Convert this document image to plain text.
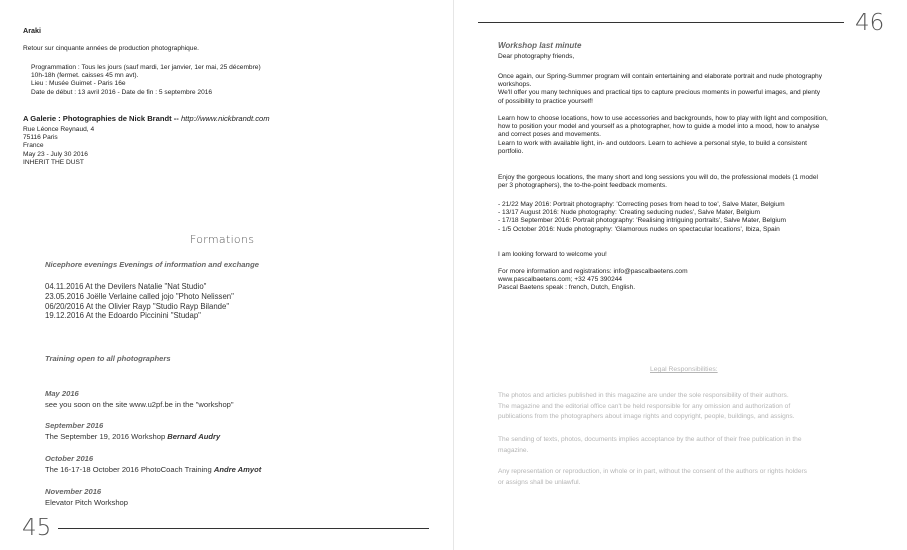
Araki
Retour sur cinquante années de production photographique.
Programmation : Tous les jours (sauf mardi, 1er janvier, 1er mai, 25 décembre)
10h-18h (fermet. caisses 45 mn avt).
Lieu : Musée Guimet - Paris 16e
Date de début : 13 avril 2016 - Date de fin : 5 septembre 2016
A Galerie : Photographies de Nick Brandt -- http://www.nickbrandt.com
Rue Léonce Reynaud, 4
75116 Paris
France
May 23 - July 30 2016
INHERIT THE DUST
Formations
Nicephore evenings Evenings of information and exchange
04.11.2016 At the Devilers Natalie "Nat Studio"
23.05.2016 Joëlle Verlaine called jojo "Photo Nelissen"
06/20/2016 At the Olivier Rayp "Studio Rayp Bilande"
19.12.2016 At the Edoardo Piccinini "Studap"
Training open to all photographers
May 2016
see you soon on the site www.u2pf.be in the "workshop"
September 2016
The September 19, 2016 Workshop Bernard Audry
October 2016
The 16-17-18 October 2016 PhotoCoach Training Andre Amyot
November 2016
Elevator Pitch Workshop
45
46
Workshop last minute
Dear photography friends,
Once again, our Spring-Summer program will contain entertaining and elaborate portrait and nude photography
workshops.
We'll offer you many techniques and practical tips to capture precious moments in powerful images, and plenty
of possibility to practice yourself!
Learn how to choose locations, how to use accessories and backgrounds, how to play with light and composition,
how to position your model and yourself as a photographer, how to guide a model into a mood, how to analyse
and correct poses and movements.
Learn to work with available light, in- and outdoors. Learn to achieve a personal style, to build a consistent
portfolio.
Enjoy the gorgeous locations, the many short and long sessions you will do, the professional models (1 model
per 3 photographers), the to-the-point feedback moments.
- 21/22 May 2016: Portrait photography: 'Correcting poses from head to toe', Salve Mater, Belgium
- 13/17 August 2016: Nude photography: 'Creating seducing nudes', Salve Mater, Belgium
- 17/18 September 2016: Portrait photography: 'Realising intriguing portraits', Salve Mater, Belgium
- 1/5 October 2016: Nude photography: 'Glamorous nudes on spectacular locations', Ibiza, Spain
I am looking forward to welcome you!
For more information and registrations: info@pascalbaetens.com
www.pascalbaetens.com; +32 475 390244
Pascal Baetens speak : french, Dutch, English.
Legal Responsibilities:
The photos and articles published in this magazine are under the sole responsibility of their authors.
The magazine and the editorial office can't be held responsible for any omission and authorization of
publications from the photographers about image rights and copyright, people, buildings, and assigns.
The sending of texts, photos, documents implies acceptance by the author of their free publication in the
magazine.
Any representation or reproduction, in whole or in part, without the consent of the authors or rights holders
or assigns shall be unlawful.
